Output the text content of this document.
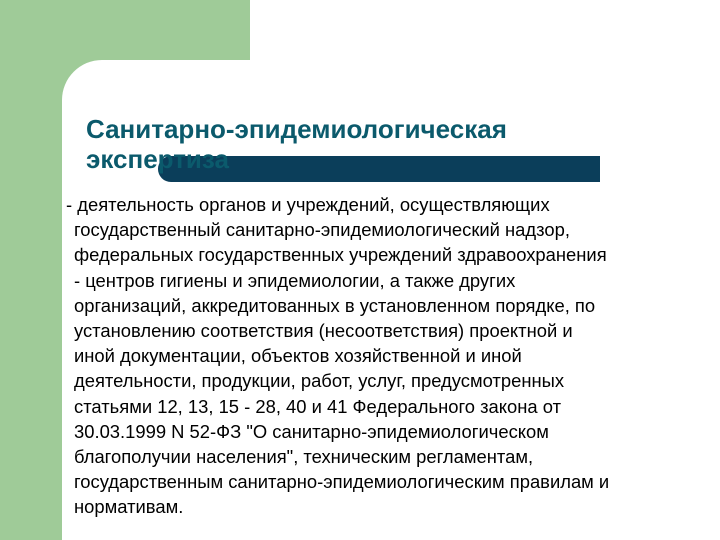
Санитарно-эпидемиологическая
экспертиза

- деятельность органов и учреждений, осуществляющих
государственный санитарно-эпидемиологический надзор,
федеральных государственных учреждений здравоохранения
- центров гигиены и эпидемиологии, а также других
организаций, аккредитованных в установленном порядке, по
установлению соответствия (несоответствия) проектной и
иной документации, объектов хозяйственной и иной
деятельности, продукции, работ, услуг, предусмотренных
статьями 12, 13, 15 - 28, 40 и 41 Федерального закона от
30.03.1999 N 52-ФЗ "О санитарно-эпидемиологическом
благополучии населения", техническим регламентам,
государственным санитарно-эпидемиологическим правилам и
нормативам.
